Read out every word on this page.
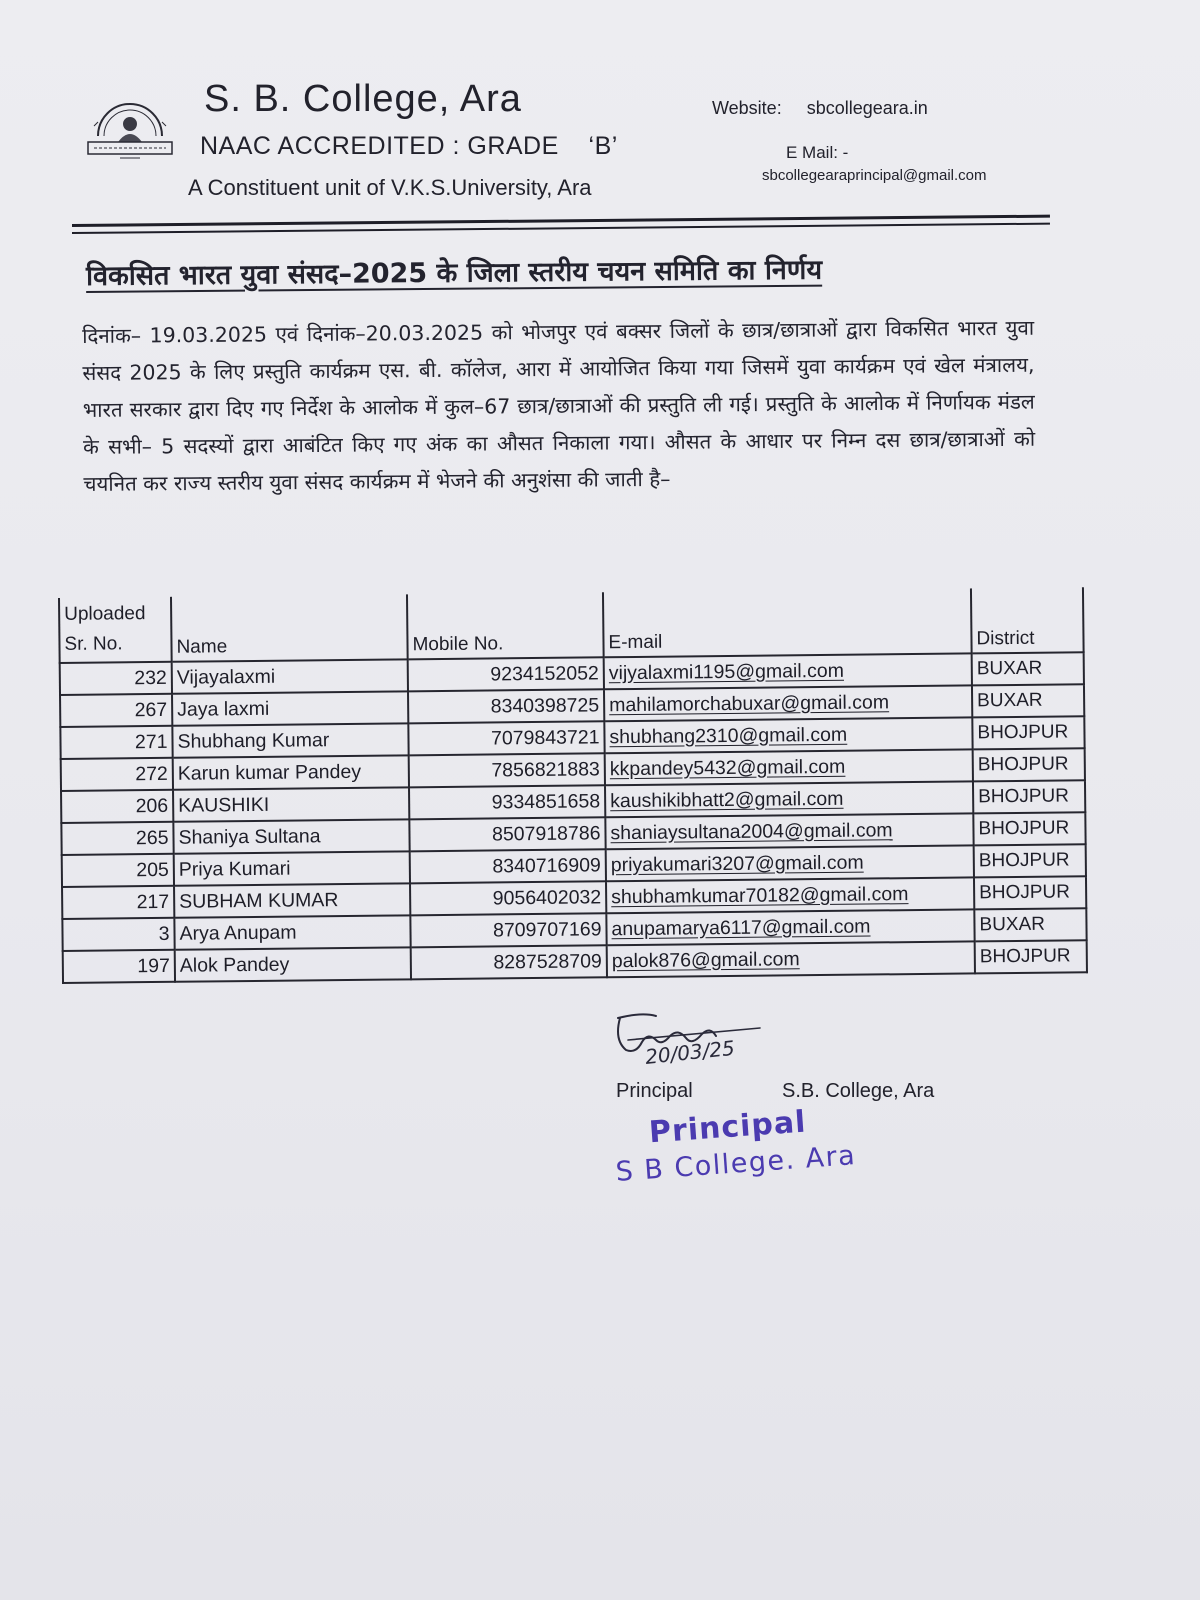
S. B. College, Ara
NAAC ACCREDITED : GRADE    ‘B’
A Constituent unit of V.K.S.University, Ara
Website: sbcollegeara.in
E Mail: -
sbcollegearaprincipal@gmail.com
विकसित भारत युवा संसद–2025 के जिला स्तरीय चयन समिति का निर्णय
दिनांक– 19.03.2025 एवं दिनांक–20.03.2025 को भोजपुर एवं बक्सर जिलों के छात्र/छात्राओं द्वारा विकसित भारत युवा संसद 2025 के लिए प्रस्तुति कार्यक्रम एस. बी. कॉलेज, आरा में आयोजित किया गया जिसमें युवा कार्यक्रम एवं खेल मंत्रालय, भारत सरकार द्वारा दिए गए निर्देश के आलोक में कुल–67 छात्र/छात्राओं की प्रस्तुति ली गई। प्रस्तुति के आलोक में निर्णायक मंडल के सभी– 5 सदस्यों द्वारा आबंटित किए गए अंक का औसत निकाला गया। औसत के आधार पर निम्न दस छात्र/छात्राओं को चयनित कर राज्य स्तरीय युवा संसद कार्यक्रम में भेजने की अनुशंसा की जाती है–
Uploaded
Sr. No.	Name	Mobile No.	E-mail	District
232	Vijayalaxmi	9234152052	vijyalaxmi1195@gmail.com	BUXAR
267	Jaya laxmi	8340398725	mahilamorchabuxar@gmail.com	BUXAR
271	Shubhang Kumar	7079843721	shubhang2310@gmail.com	BHOJPUR
272	Karun kumar Pandey	7856821883	kkpandey5432@gmail.com	BHOJPUR
206	KAUSHIKI	9334851658	kaushikibhatt2@gmail.com	BHOJPUR
265	Shaniya Sultana	8507918786	shaniaysultana2004@gmail.com	BHOJPUR
205	Priya Kumari	8340716909	priyakumari3207@gmail.com	BHOJPUR
217	SUBHAM KUMAR	9056402032	shubhamkumar70182@gmail.com	BHOJPUR
3	Arya Anupam	8709707169	anupamarya6117@gmail.com	BUXAR
197	Alok Pandey	8287528709	palok876@gmail.com	BHOJPUR
20/03/25
Principal	S.B. College, Ara
Principal
S B College. Ara
